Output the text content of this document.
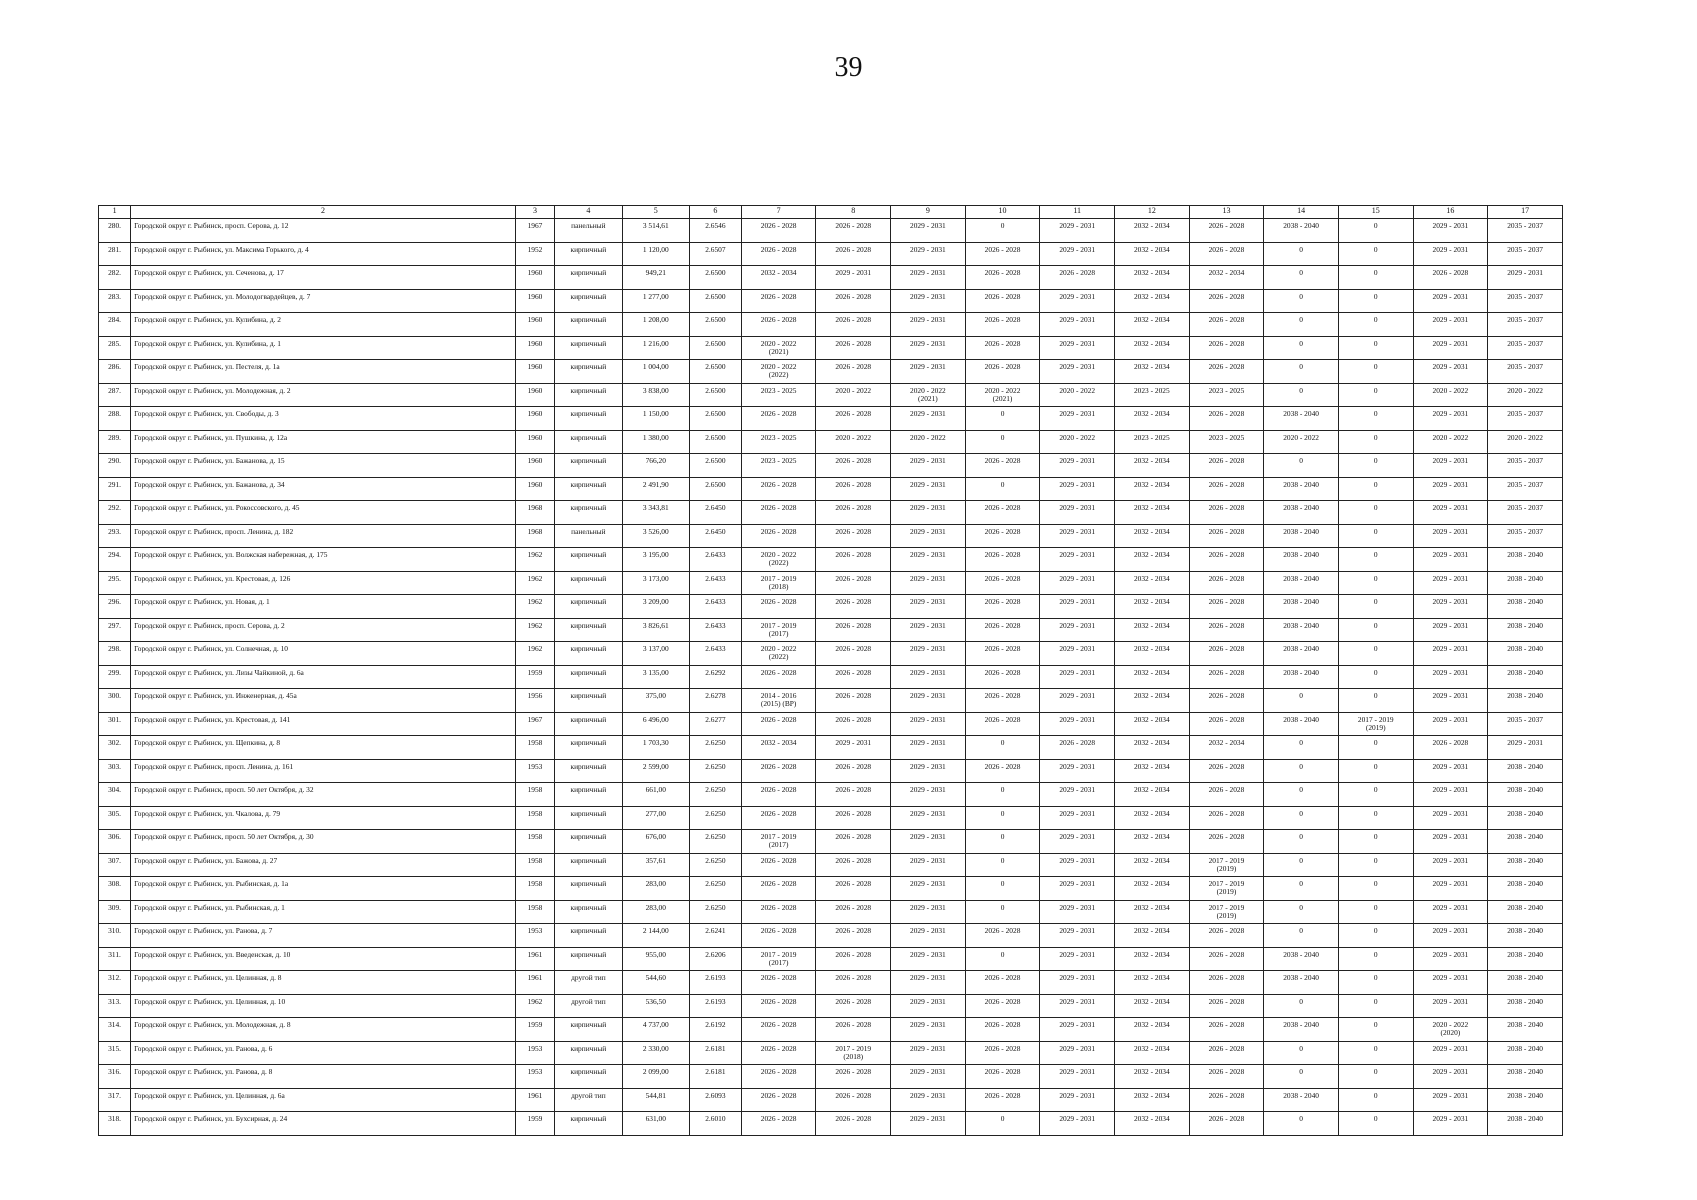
39
1	2	3	4	5	6	7	8	9	10	11	12	13	14	15	16	17
280.	Городской округ г. Рыбинск, просп. Серова, д. 12	1967	панельный	3 514,61	2.6546	2026 - 2028	2026 - 2028	2029 - 2031	0	2029 - 2031	2032 - 2034	2026 - 2028	2038 - 2040	0	2029 - 2031	2035 - 2037
281.	Городской округ г. Рыбинск, ул. Максима Горького, д. 4	1952	кирпичный	1 120,00	2.6507	2026 - 2028	2026 - 2028	2029 - 2031	2026 - 2028	2029 - 2031	2032 - 2034	2026 - 2028	0	0	2029 - 2031	2035 - 2037
282.	Городской округ г. Рыбинск, ул. Сеченова, д. 17	1960	кирпичный	949,21	2.6500	2032 - 2034	2029 - 2031	2029 - 2031	2026 - 2028	2026 - 2028	2032 - 2034	2032 - 2034	0	0	2026 - 2028	2029 - 2031
283.	Городской округ г. Рыбинск, ул. Молодогвардейцев, д. 7	1960	кирпичный	1 277,00	2.6500	2026 - 2028	2026 - 2028	2029 - 2031	2026 - 2028	2029 - 2031	2032 - 2034	2026 - 2028	0	0	2029 - 2031	2035 - 2037
284.	Городской округ г. Рыбинск, ул. Кулибина, д. 2	1960	кирпичный	1 208,00	2.6500	2026 - 2028	2026 - 2028	2029 - 2031	2026 - 2028	2029 - 2031	2032 - 2034	2026 - 2028	0	0	2029 - 2031	2035 - 2037
285.	Городской округ г. Рыбинск, ул. Кулибина, д. 1	1960	кирпичный	1 216,00	2.6500	2020 - 2022
(2021)	2026 - 2028	2029 - 2031	2026 - 2028	2029 - 2031	2032 - 2034	2026 - 2028	0	0	2029 - 2031	2035 - 2037
286.	Городской округ г. Рыбинск, ул. Пестеля, д. 1а	1960	кирпичный	1 004,00	2.6500	2020 - 2022
(2022)	2026 - 2028	2029 - 2031	2026 - 2028	2029 - 2031	2032 - 2034	2026 - 2028	0	0	2029 - 2031	2035 - 2037
287.	Городской округ г. Рыбинск, ул. Молодежная, д. 2	1960	кирпичный	3 838,00	2.6500	2023 - 2025	2020 - 2022	2020 - 2022
(2021)	2020 - 2022
(2021)	2020 - 2022	2023 - 2025	2023 - 2025	0	0	2020 - 2022	2020 - 2022
288.	Городской округ г. Рыбинск, ул. Свободы, д. 3	1960	кирпичный	1 150,00	2.6500	2026 - 2028	2026 - 2028	2029 - 2031	0	2029 - 2031	2032 - 2034	2026 - 2028	2038 - 2040	0	2029 - 2031	2035 - 2037
289.	Городской округ г. Рыбинск, ул. Пушкина, д. 12а	1960	кирпичный	1 380,00	2.6500	2023 - 2025	2020 - 2022	2020 - 2022	0	2020 - 2022	2023 - 2025	2023 - 2025	2020 - 2022	0	2020 - 2022	2020 - 2022
290.	Городской округ г. Рыбинск, ул. Бажанова, д. 15	1960	кирпичный	766,20	2.6500	2023 - 2025	2026 - 2028	2029 - 2031	2026 - 2028	2029 - 2031	2032 - 2034	2026 - 2028	0	0	2029 - 2031	2035 - 2037
291.	Городской округ г. Рыбинск, ул. Бажанова, д. 34	1960	кирпичный	2 491,90	2.6500	2026 - 2028	2026 - 2028	2029 - 2031	0	2029 - 2031	2032 - 2034	2026 - 2028	2038 - 2040	0	2029 - 2031	2035 - 2037
292.	Городской округ г. Рыбинск, ул. Рокоссовского, д. 45	1968	кирпичный	3 343,81	2.6450	2026 - 2028	2026 - 2028	2029 - 2031	2026 - 2028	2029 - 2031	2032 - 2034	2026 - 2028	2038 - 2040	0	2029 - 2031	2035 - 2037
293.	Городской округ г. Рыбинск, просп. Ленина, д. 182	1968	панельный	3 526,00	2.6450	2026 - 2028	2026 - 2028	2029 - 2031	2026 - 2028	2029 - 2031	2032 - 2034	2026 - 2028	2038 - 2040	0	2029 - 2031	2035 - 2037
294.	Городской округ г. Рыбинск, ул. Волжская набережная, д. 175	1962	кирпичный	3 195,00	2.6433	2020 - 2022
(2022)	2026 - 2028	2029 - 2031	2026 - 2028	2029 - 2031	2032 - 2034	2026 - 2028	2038 - 2040	0	2029 - 2031	2038 - 2040
295.	Городской округ г. Рыбинск, ул. Крестовая, д. 126	1962	кирпичный	3 173,00	2.6433	2017 - 2019
(2018)	2026 - 2028	2029 - 2031	2026 - 2028	2029 - 2031	2032 - 2034	2026 - 2028	2038 - 2040	0	2029 - 2031	2038 - 2040
296.	Городской округ г. Рыбинск, ул. Новая, д. 1	1962	кирпичный	3 209,00	2.6433	2026 - 2028	2026 - 2028	2029 - 2031	2026 - 2028	2029 - 2031	2032 - 2034	2026 - 2028	2038 - 2040	0	2029 - 2031	2038 - 2040
297.	Городской округ г. Рыбинск, просп. Серова, д. 2	1962	кирпичный	3 826,61	2.6433	2017 - 2019
(2017)	2026 - 2028	2029 - 2031	2026 - 2028	2029 - 2031	2032 - 2034	2026 - 2028	2038 - 2040	0	2029 - 2031	2038 - 2040
298.	Городской округ г. Рыбинск, ул. Солнечная, д. 10	1962	кирпичный	3 137,00	2.6433	2020 - 2022
(2022)	2026 - 2028	2029 - 2031	2026 - 2028	2029 - 2031	2032 - 2034	2026 - 2028	2038 - 2040	0	2029 - 2031	2038 - 2040
299.	Городской округ г. Рыбинск, ул. Лизы Чайкиной, д. 6а	1959	кирпичный	3 135,00	2.6292	2026 - 2028	2026 - 2028	2029 - 2031	2026 - 2028	2029 - 2031	2032 - 2034	2026 - 2028	2038 - 2040	0	2029 - 2031	2038 - 2040
300.	Городской округ г. Рыбинск, ул. Инженерная, д. 45а	1956	кирпичный	375,00	2.6278	2014 - 2016
(2015) (ВР)	2026 - 2028	2029 - 2031	2026 - 2028	2029 - 2031	2032 - 2034	2026 - 2028	0	0	2029 - 2031	2038 - 2040
301.	Городской округ г. Рыбинск, ул. Крестовая, д. 141	1967	кирпичный	6 496,00	2.6277	2026 - 2028	2026 - 2028	2029 - 2031	2026 - 2028	2029 - 2031	2032 - 2034	2026 - 2028	2038 - 2040	2017 - 2019
(2019)	2029 - 2031	2035 - 2037
302.	Городской округ г. Рыбинск, ул. Щепкина, д. 8	1958	кирпичный	1 703,30	2.6250	2032 - 2034	2029 - 2031	2029 - 2031	0	2026 - 2028	2032 - 2034	2032 - 2034	0	0	2026 - 2028	2029 - 2031
303.	Городской округ г. Рыбинск, просп. Ленина, д. 161	1953	кирпичный	2 599,00	2.6250	2026 - 2028	2026 - 2028	2029 - 2031	2026 - 2028	2029 - 2031	2032 - 2034	2026 - 2028	0	0	2029 - 2031	2038 - 2040
304.	Городской округ г. Рыбинск, просп. 50 лет Октября, д. 32	1958	кирпичный	661,00	2.6250	2026 - 2028	2026 - 2028	2029 - 2031	0	2029 - 2031	2032 - 2034	2026 - 2028	0	0	2029 - 2031	2038 - 2040
305.	Городской округ г. Рыбинск, ул. Чкалова, д. 79	1958	кирпичный	277,00	2.6250	2026 - 2028	2026 - 2028	2029 - 2031	0	2029 - 2031	2032 - 2034	2026 - 2028	0	0	2029 - 2031	2038 - 2040
306.	Городской округ г. Рыбинск, просп. 50 лет Октября, д. 30	1958	кирпичный	676,00	2.6250	2017 - 2019
(2017)	2026 - 2028	2029 - 2031	0	2029 - 2031	2032 - 2034	2026 - 2028	0	0	2029 - 2031	2038 - 2040
307.	Городской округ г. Рыбинск, ул. Бажова, д. 27	1958	кирпичный	357,61	2.6250	2026 - 2028	2026 - 2028	2029 - 2031	0	2029 - 2031	2032 - 2034	2017 - 2019
(2019)	0	0	2029 - 2031	2038 - 2040
308.	Городской округ г. Рыбинск, ул. Рыбинская, д. 1а	1958	кирпичный	283,00	2.6250	2026 - 2028	2026 - 2028	2029 - 2031	0	2029 - 2031	2032 - 2034	2017 - 2019
(2019)	0	0	2029 - 2031	2038 - 2040
309.	Городской округ г. Рыбинск, ул. Рыбинская, д. 1	1958	кирпичный	283,00	2.6250	2026 - 2028	2026 - 2028	2029 - 2031	0	2029 - 2031	2032 - 2034	2017 - 2019
(2019)	0	0	2029 - 2031	2038 - 2040
310.	Городской округ г. Рыбинск, ул. Ранова, д. 7	1953	кирпичный	2 144,00	2.6241	2026 - 2028	2026 - 2028	2029 - 2031	2026 - 2028	2029 - 2031	2032 - 2034	2026 - 2028	0	0	2029 - 2031	2038 - 2040
311.	Городской округ г. Рыбинск, ул. Введенская, д. 10	1961	кирпичный	955,00	2.6206	2017 - 2019
(2017)	2026 - 2028	2029 - 2031	0	2029 - 2031	2032 - 2034	2026 - 2028	2038 - 2040	0	2029 - 2031	2038 - 2040
312.	Городской округ г. Рыбинск, ул. Целинная, д. 8	1961	другой тип	544,60	2.6193	2026 - 2028	2026 - 2028	2029 - 2031	2026 - 2028	2029 - 2031	2032 - 2034	2026 - 2028	2038 - 2040	0	2029 - 2031	2038 - 2040
313.	Городской округ г. Рыбинск, ул. Целинная, д. 10	1962	другой тип	536,50	2.6193	2026 - 2028	2026 - 2028	2029 - 2031	2026 - 2028	2029 - 2031	2032 - 2034	2026 - 2028	0	0	2029 - 2031	2038 - 2040
314.	Городской округ г. Рыбинск, ул. Молодежная, д. 8	1959	кирпичный	4 737,00	2.6192	2026 - 2028	2026 - 2028	2029 - 2031	2026 - 2028	2029 - 2031	2032 - 2034	2026 - 2028	2038 - 2040	0	2020 - 2022
(2020)	2038 - 2040
315.	Городской округ г. Рыбинск, ул. Ранова, д. 6	1953	кирпичный	2 330,00	2.6181	2026 - 2028	2017 - 2019
(2018)	2029 - 2031	2026 - 2028	2029 - 2031	2032 - 2034	2026 - 2028	0	0	2029 - 2031	2038 - 2040
316.	Городской округ г. Рыбинск, ул. Ранова, д. 8	1953	кирпичный	2 099,00	2.6181	2026 - 2028	2026 - 2028	2029 - 2031	2026 - 2028	2029 - 2031	2032 - 2034	2026 - 2028	0	0	2029 - 2031	2038 - 2040
317.	Городской округ г. Рыбинск, ул. Целинная, д. 6а	1961	другой тип	544,81	2.6093	2026 - 2028	2026 - 2028	2029 - 2031	2026 - 2028	2029 - 2031	2032 - 2034	2026 - 2028	2038 - 2040	0	2029 - 2031	2038 - 2040
318.	Городской округ г. Рыбинск, ул. Бухсирная, д. 24	1959	кирпичный	631,00	2.6010	2026 - 2028	2026 - 2028	2029 - 2031	0	2029 - 2031	2032 - 2034	2026 - 2028	0	0	2029 - 2031	2038 - 2040
